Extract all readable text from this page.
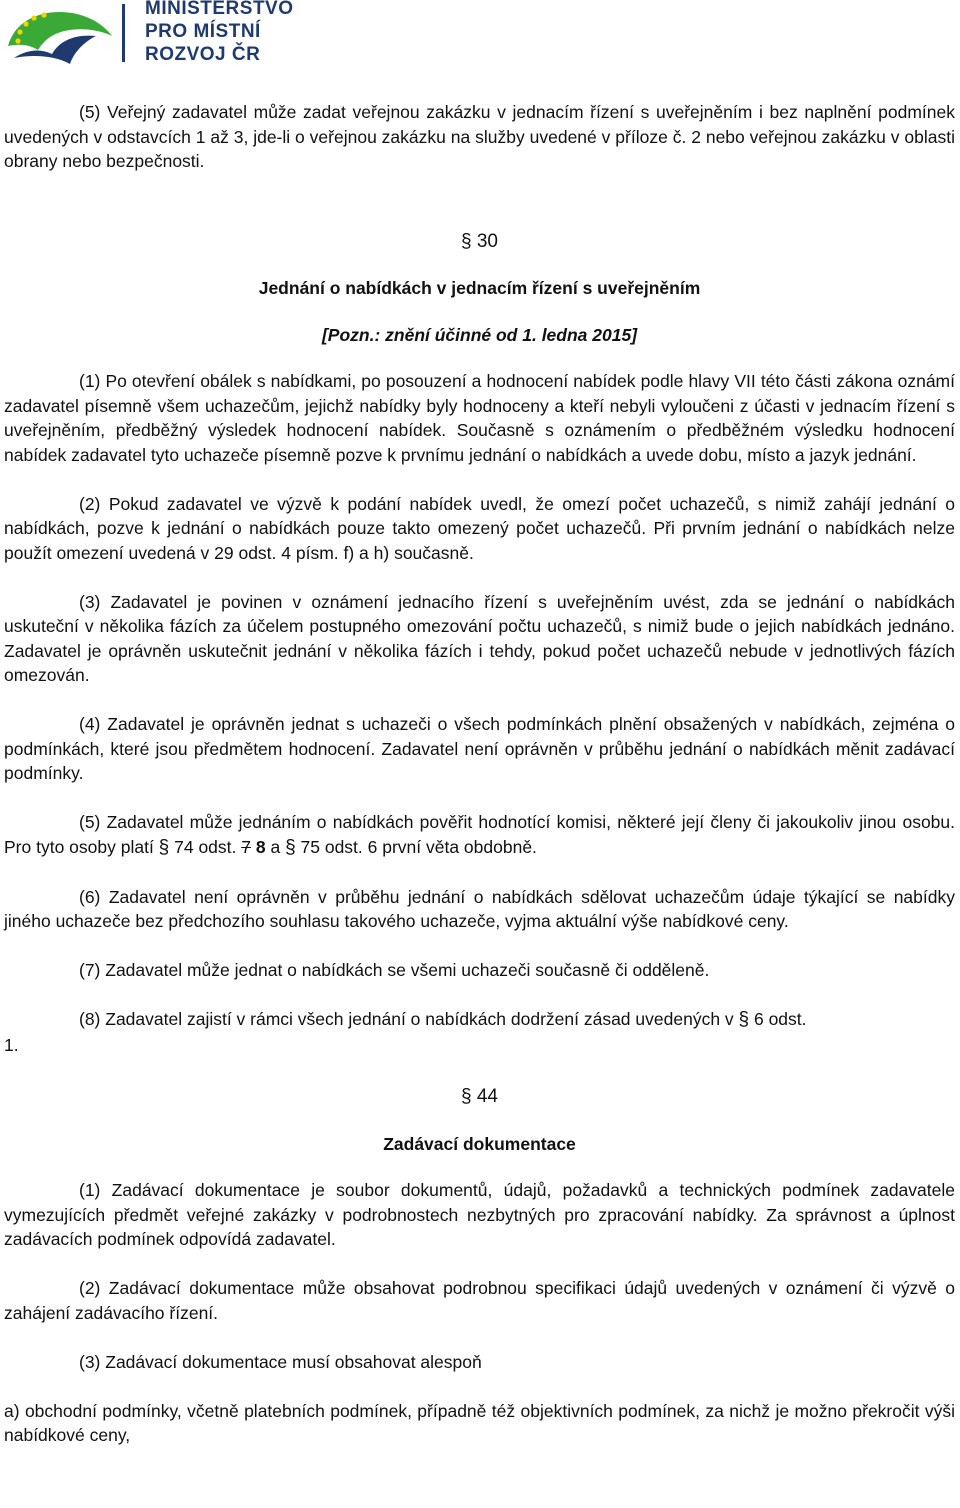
MINISTERSTVO
PRO MÍSTNÍ
ROZVOJ ČR

(5) Veřejný zadavatel může zadat veřejnou zakázku v jednacím řízení s uveřejněním i bez naplnění podmínek uvedených v odstavcích 1 až 3, jde-li o veřejnou zakázku na služby uvedené v příloze č. 2 nebo veřejnou zakázku v oblasti obrany nebo bezpečnosti.

§ 30

Jednání o nabídkách v jednacím řízení s uveřejněním

[Pozn.: znění účinné od 1. ledna 2015]

(1) Po otevření obálek s nabídkami, po posouzení a hodnocení nabídek podle hlavy VII této části zákona oznámí zadavatel písemně všem uchazečům, jejichž nabídky byly hodnoceny a kteří nebyli vyloučeni z účasti v jednacím řízení s uveřejněním, předběžný výsledek hodnocení nabídek. Současně s oznámením o předběžném výsledku hodnocení nabídek zadavatel tyto uchazeče písemně pozve k prvnímu jednání o nabídkách a uvede dobu, místo a jazyk jednání.

(2) Pokud zadavatel ve výzvě k podání nabídek uvedl, že omezí počet uchazečů, s nimiž zahájí jednání o nabídkách, pozve k jednání o nabídkách pouze takto omezený počet uchazečů. Při prvním jednání o nabídkách nelze použít omezení uvedená v 29 odst. 4 písm. f) a h) současně.

(3) Zadavatel je povinen v oznámení jednacího řízení s uveřejněním uvést, zda se jednání o nabídkách uskuteční v několika fázích za účelem postupného omezování počtu uchazečů, s nimiž bude o jejich nabídkách jednáno. Zadavatel je oprávněn uskutečnit jednání v několika fázích i tehdy, pokud počet uchazečů nebude v jednotlivých fázích omezován.

(4) Zadavatel je oprávněn jednat s uchazeči o všech podmínkách plnění obsažených v nabídkách, zejména o podmínkách, které jsou předmětem hodnocení. Zadavatel není oprávněn v průběhu jednání o nabídkách měnit zadávací podmínky.

(5) Zadavatel může jednáním o nabídkách pověřit hodnotící komisi, některé její členy či jakoukoliv jinou osobu. Pro tyto osoby platí § 74 odst. 7 8 a § 75 odst. 6 první věta obdobně.

(6) Zadavatel není oprávněn v průběhu jednání o nabídkách sdělovat uchazečům údaje týkající se nabídky jiného uchazeče bez předchozího souhlasu takového uchazeče, vyjma aktuální výše nabídkové ceny.

(7) Zadavatel může jednat o nabídkách se všemi uchazeči současně či odděleně.

(8) Zadavatel zajistí v rámci všech jednání o nabídkách dodržení zásad uvedených v § 6 odst.

1.

§ 44

Zadávací dokumentace

(1) Zadávací dokumentace je soubor dokumentů, údajů, požadavků a technických podmínek zadavatele vymezujících předmět veřejné zakázky v podrobnostech nezbytných pro zpracování nabídky. Za správnost a úplnost zadávacích podmínek odpovídá zadavatel.

(2) Zadávací dokumentace může obsahovat podrobnou specifikaci údajů uvedených v oznámení či výzvě o zahájení zadávacího řízení.

(3) Zadávací dokumentace musí obsahovat alespoň

a) obchodní podmínky, včetně platebních podmínek, případně též objektivních podmínek, za nichž je možno překročit výši nabídkové ceny,
